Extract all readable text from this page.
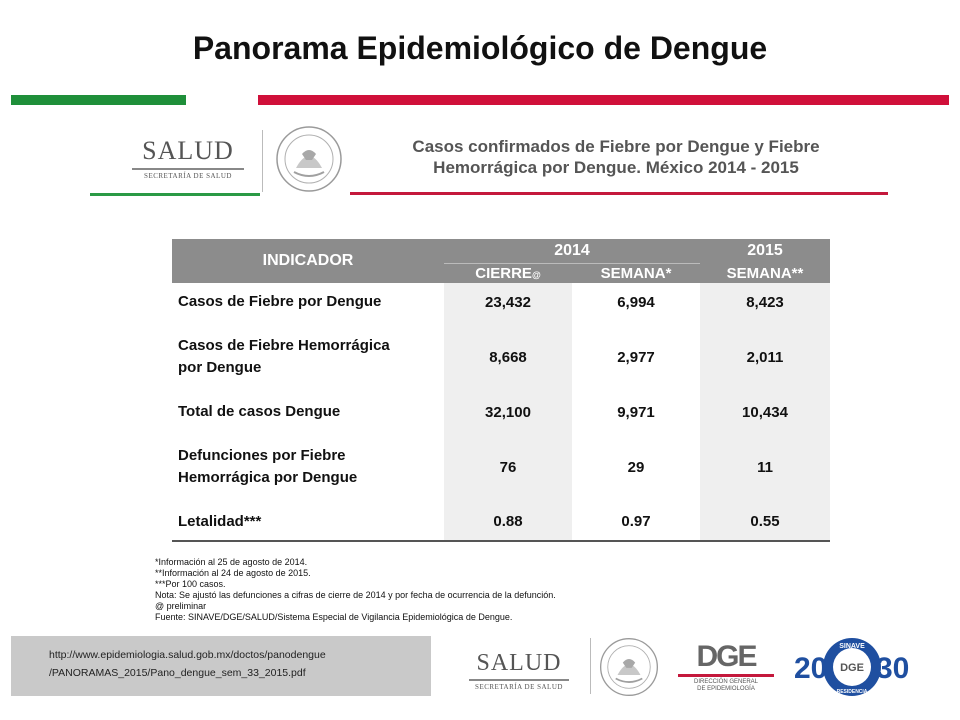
Panorama Epidemiológico de Dengue
SALUD
SECRETARÍA DE SALUD
Casos confirmados de Fiebre por Dengue y Fiebre
Hemorrágica por Dengue. México 2014 - 2015
INDICADOR	2014		2015
	CIERRE@	SEMANA*	SEMANA**
Casos de Fiebre por Dengue	23,432	6,994	8,423
Casos de Fiebre Hemorrágica
por Dengue	8,668	2,977	2,011
Total de casos Dengue	32,100	9,971	10,434
Defunciones por Fiebre
Hemorrágica por Dengue	76	29	11
Letalidad***	0.88	0.97	0.55
*Información al 25 de agosto de 2014.
**Información al 24 de agosto de 2015.
***Por 100 casos.
Nota: Se ajustó las defunciones a cifras de cierre de 2014 y por fecha de ocurrencia de la defunción.
@ preliminar
Fuente: SINAVE/DGE/SALUD/Sistema Especial de Vigilancia Epidemiológica de Dengue.
http://www.epidemiologia.salud.gob.mx/doctos/panodengue
/PANORAMAS_2015/Pano_dengue_sem_33_2015.pdf	SALUD
SECRETARÍA DE SALUD
DGE
DIRECCIÓN GENERAL
DE EPIDEMIOLOGÍA
20 30
SINAVE
RESIDENCIA
DGE
